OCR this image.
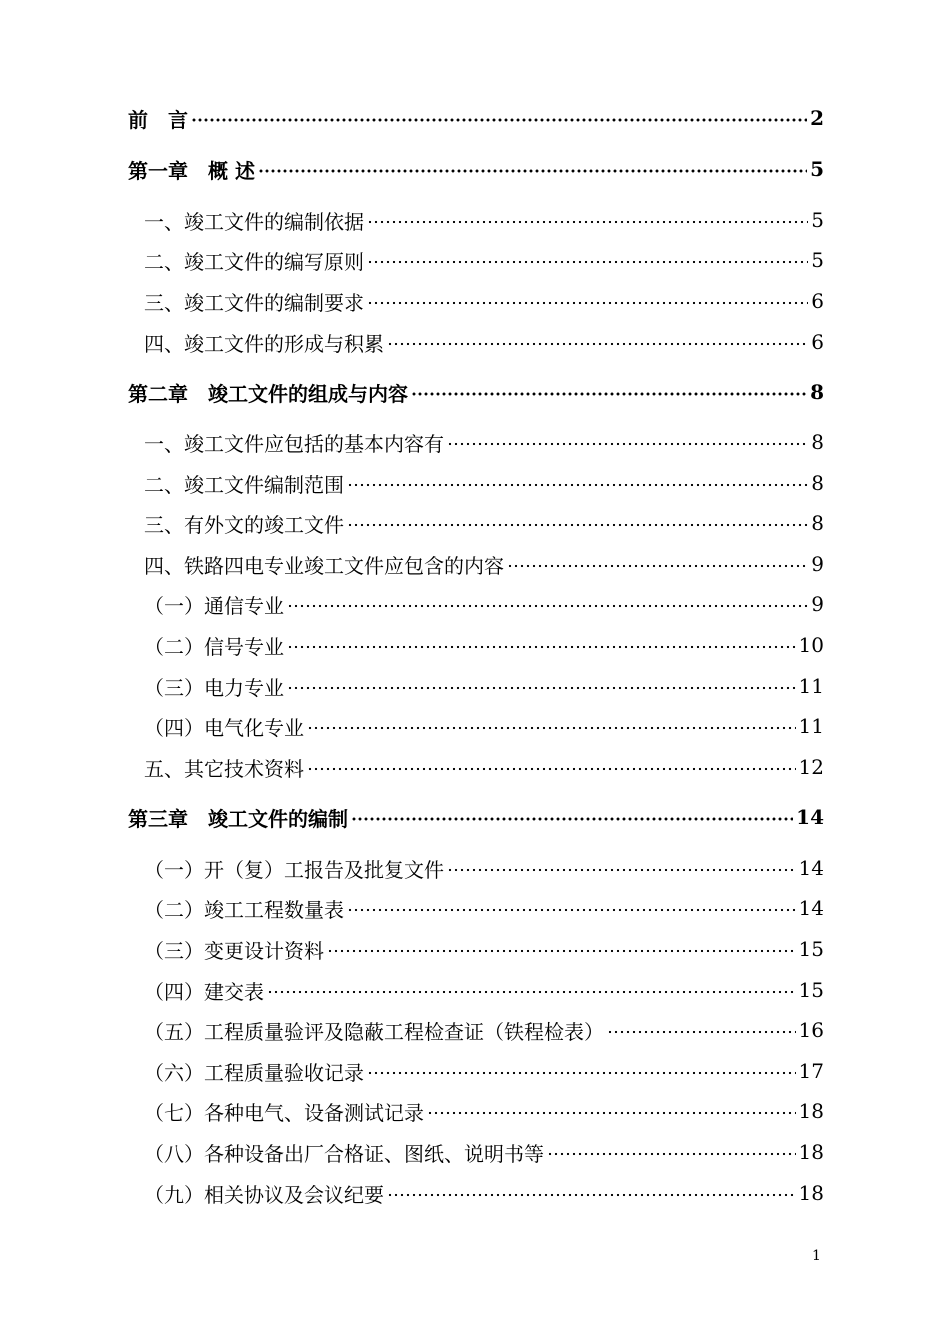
前　言	2
第一章　概 述	5
一、竣工文件的编制依据	5
二、竣工文件的编写原则	5
三、竣工文件的编制要求	6
四、竣工文件的形成与积累	6
第二章　竣工文件的组成与内容	8
一、竣工文件应包括的基本内容有	8
二、竣工文件编制范围	8
三、有外文的竣工文件	8
四、铁路四电专业竣工文件应包含的内容	9
（一）通信专业	9
（二）信号专业	10
（三）电力专业	11
（四）电气化专业	11
五、其它技术资料	12
第三章　竣工文件的编制	14
（一）开（复）工报告及批复文件	14
（二）竣工工程数量表	14
（三）变更设计资料	15
（四）建交表	15
（五）工程质量验评及隐蔽工程检查证（铁程检表）	16
（六）工程质量验收记录	17
（七）各种电气、设备测试记录	18
（八）各种设备出厂合格证、图纸、说明书等	18
（九）相关协议及会议纪要	18
1
